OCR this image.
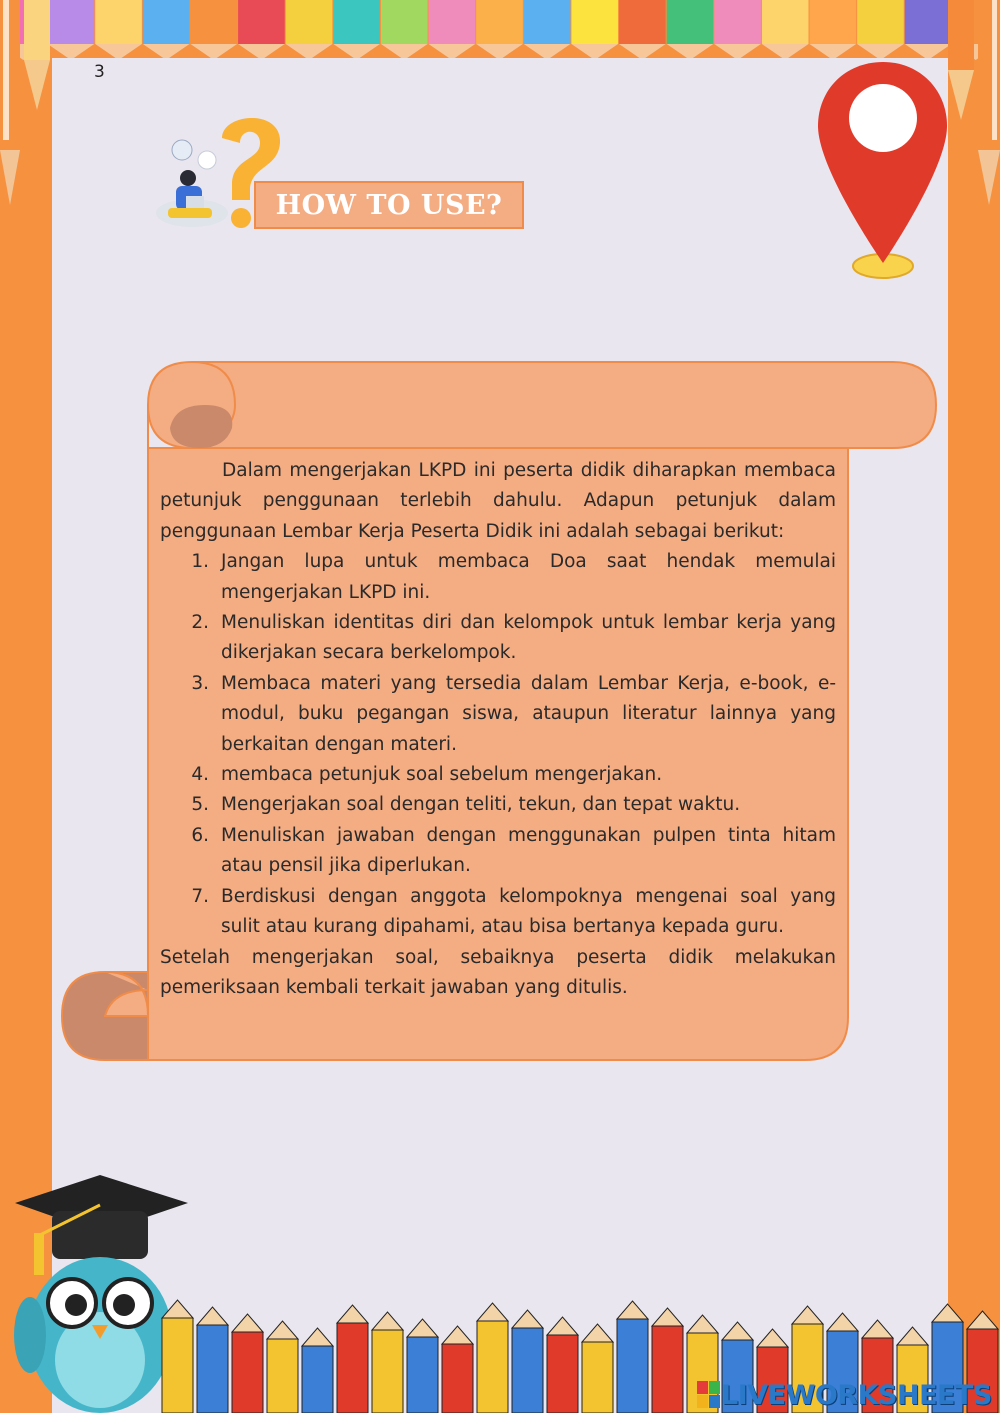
3
HOW TO USE?

Dalam mengerjakan LKPD ini peserta didik diharapkan membaca petunjuk penggunaan terlebih dahulu. Adapun petunjuk dalam penggunaan Lembar Kerja Peserta Didik ini adalah sebagai berikut:

1. Jangan lupa untuk membaca Doa saat hendak memulai mengerjakan LKPD ini.
2. Menuliskan identitas diri dan kelompok untuk lembar kerja yang dikerjakan secara berkelompok.
3. Membaca materi yang tersedia dalam Lembar Kerja, e-book, e-modul, buku pegangan siswa, ataupun literatur lainnya yang berkaitan dengan materi.
4. membaca petunjuk soal sebelum mengerjakan.
5. Mengerjakan soal dengan teliti, tekun, dan tepat waktu.
6. Menuliskan jawaban dengan menggunakan pulpen tinta hitam atau pensil jika diperlukan.
7. Berdiskusi dengan anggota kelompoknya mengenai soal yang sulit atau kurang dipahami, atau bisa bertanya kepada guru.

Setelah mengerjakan soal, sebaiknya peserta didik melakukan pemeriksaan kembali terkait jawaban yang ditulis.

LIVEWORKSHEETS
